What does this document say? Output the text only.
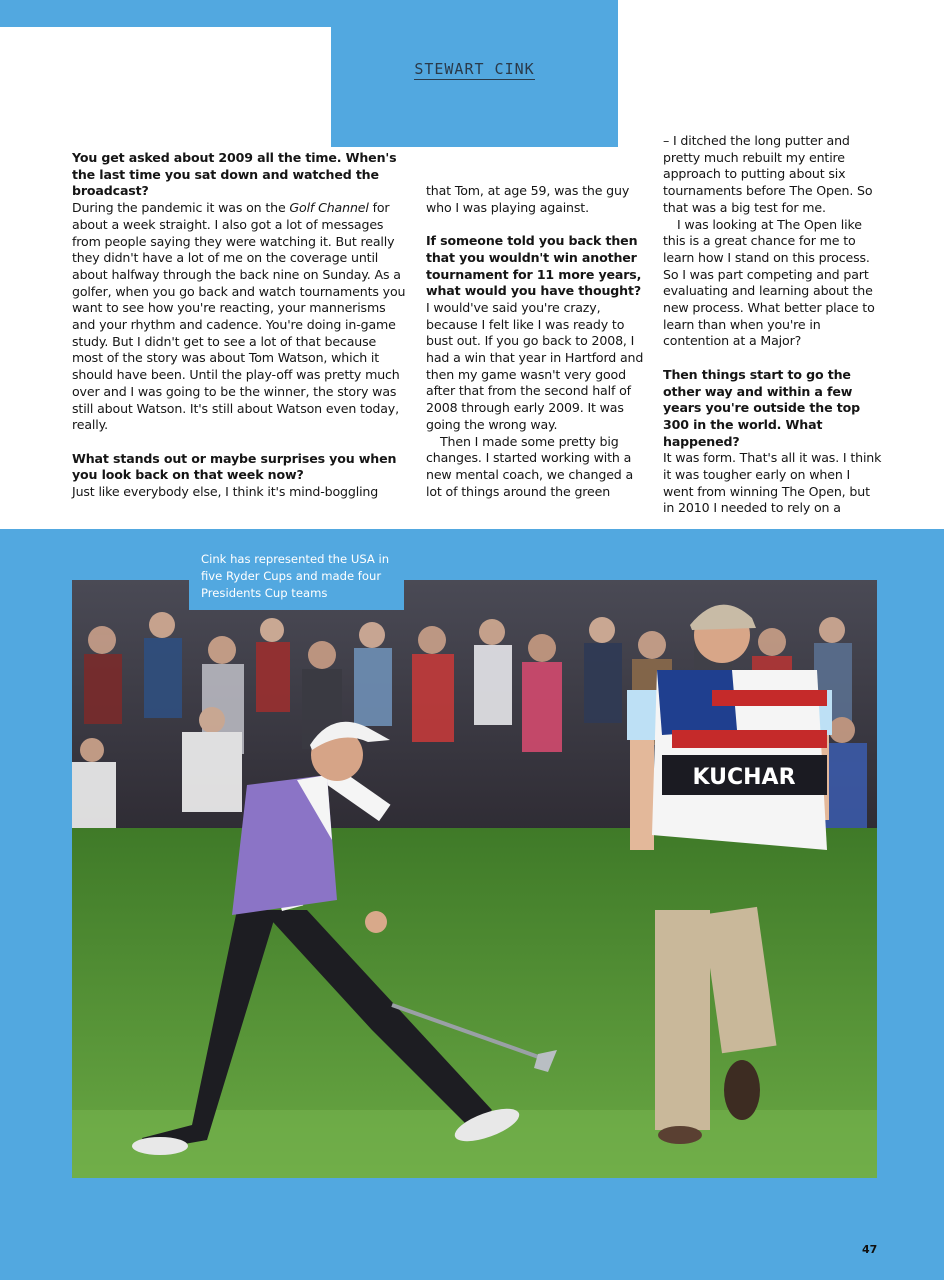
STEWART CINK

You get asked about 2009 all the time. When's the last time you sat down and watched the broadcast?

During the pandemic it was on the Golf Channel for about a week straight. I also got a lot of messages from people saying they were watching it. But really they didn't have a lot of me on the coverage until about halfway through the back nine on Sunday. As a golfer, when you go back and watch tournaments you want to see how you're reacting, your mannerisms and your rhythm and cadence. You're doing in-game study. But I didn't get to see a lot of that because most of the story was about Tom Watson, which it should have been. Until the play-off was pretty much over and I was going to be the winner, the story was still about Watson. It's still about Watson even today, really.

What stands out or maybe surprises you when you look back on that week now?

Just like everybody else, I think it's mind-boggling

that Tom, at age 59, was the guy who I was playing against.

If someone told you back then that you wouldn't win another tournament for 11 more years, what would you have thought?

I would've said you're crazy, because I felt like I was ready to bust out. If you go back to 2008, I had a win that year in Hartford and then my game wasn't very good after that from the second half of 2008 through early 2009. It was going the wrong way.

Then I made some pretty big changes. I started working with a new mental coach, we changed a lot of things around the green

– I ditched the long putter and pretty much rebuilt my entire approach to putting about six tournaments before The Open. So that was a big test for me.

I was looking at The Open like this is a great chance for me to learn how I stand on this process. So I was part competing and part evaluating and learning about the new process. What better place to learn than when you're in contention at a Major?

Then things start to go the other way and within a few years you're outside the top 300 in the world. What happened?

It was form. That's all it was. I think it was tougher early on when I went from winning The Open, but in 2010 I needed to rely on a

KUCHAR
Cink has represented the USA in five Ryder Cups and made four Presidents Cup teams
47
